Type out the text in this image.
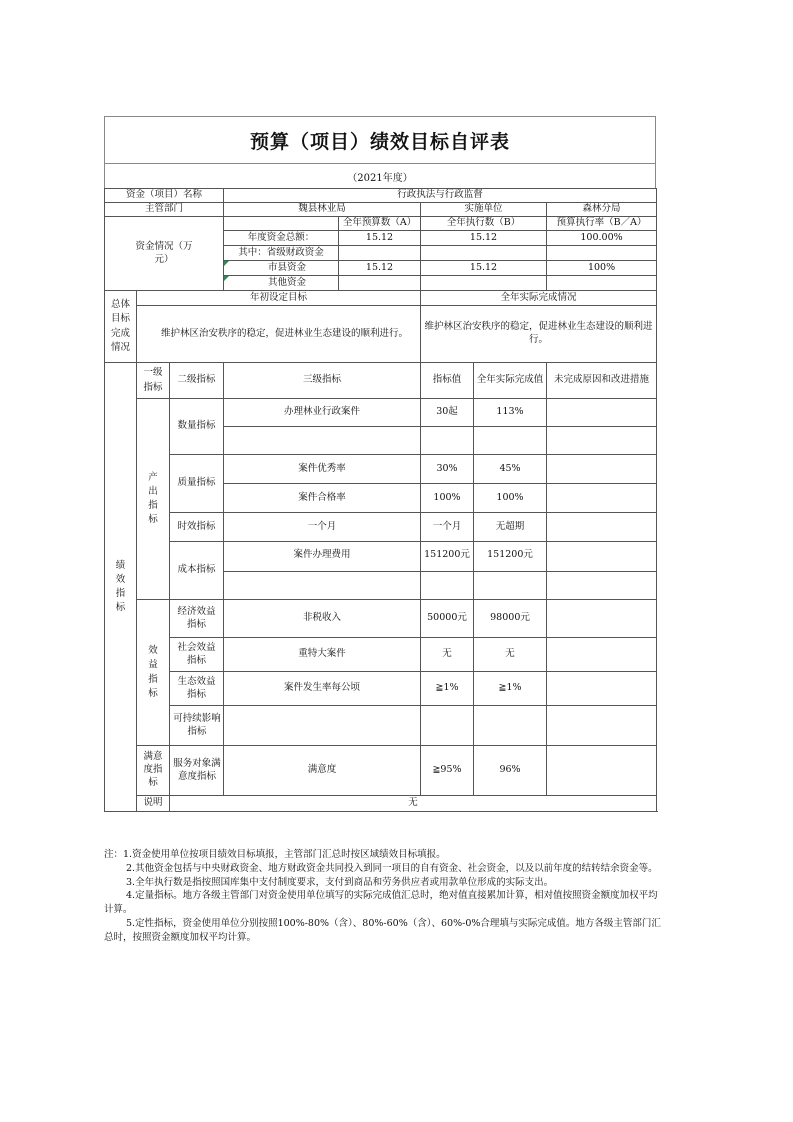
预算（项目）绩效目标自评表
（2021年度）
资金（项目）名称			行政执法与行政监督				
主管部门			魏县林业局		实施单位		森林分局
资金情况（万元）				全年预算数（A）	全年执行数（B）		预算执行率（B／A）
			年度资金总额：	15.12	15.12		100.00%
			其中：省级财政资金				
			市县资金	15.12	15.12		100%
			其他资金				
总体目标完成情况	年初设定目标				全年实际完成情况		
	维护林区治安秩序的稳定，促进林业生态建设的顺利进行。				维护林区治安秩序的稳定，促进林业生态建设的顺利进行。		
绩效指标	一级指标	二级指标	三级指标		指标值	全年实际完成值	未完成原因和改进措施
	产出指标	数量指标	办理林业行政案件		30起	113%	

		质量指标	案件优秀率		30%	45%	
			案件合格率		100%	100%	
		时效指标	一个月		一个月	无超期	
		成本指标	案件办理费用		151200元	151200元	

	效益指标	经济效益指标	非税收入		50000元	98000元	
		社会效益指标	重特大案件		无	无	
		生态效益指标	案件发生率每公顷		≧1%	≧1%	
		可持续影响指标					

	满意度指标	服务对象满意度指标	满意度		≧95%	96%	
	说明	无					

注：1.资金使用单位按项目绩效目标填报，主管部门汇总时按区域绩效目标填报。

2.其他资金包括与中央财政资金、地方财政资金共同投入到同一项目的自有资金、社会资金，以及以前年度的结转结余资金等。

3.全年执行数是指按照国库集中支付制度要求，支付到商品和劳务供应者或用款单位形成的实际支出。

4.定量指标。地方各级主管部门对资金使用单位填写的实际完成值汇总时，绝对值直接累加计算，相对值按照资金额度加权平均计算。

5.定性指标，资金使用单位分别按照100%-80%（含）、80%-60%（含）、60%-0%合理填与实际完成值。地方各级主管部门汇总时，按照资金额度加权平均计算。
